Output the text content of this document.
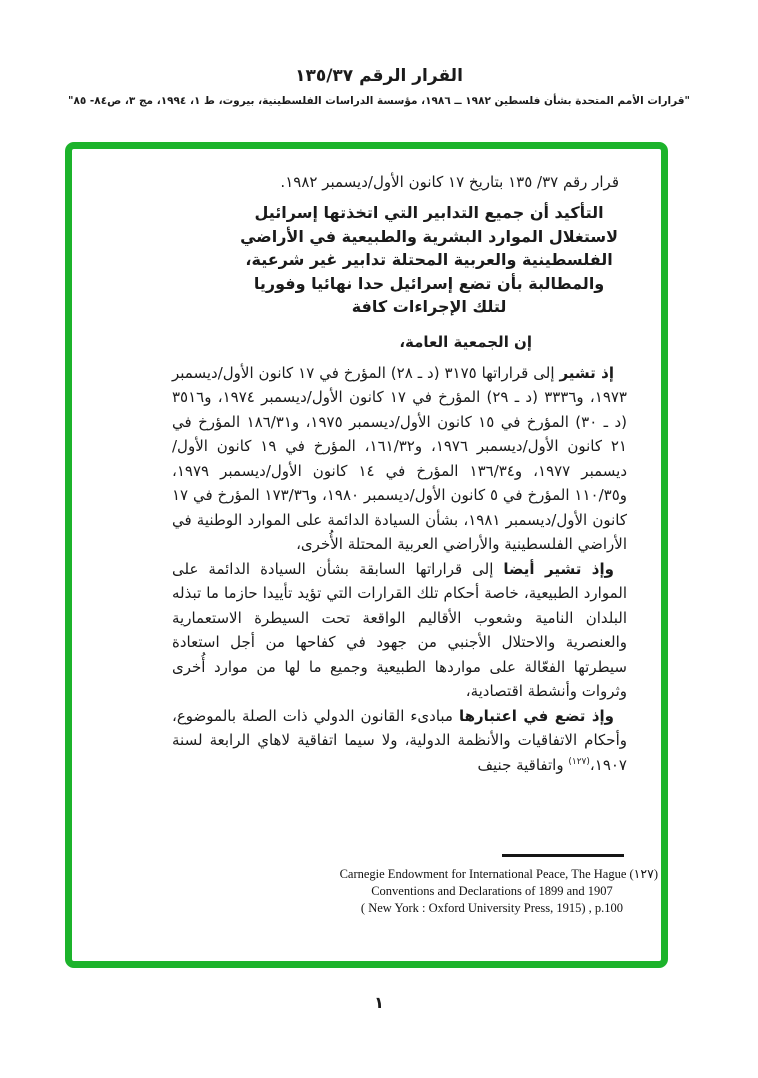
القرار الرقم ١٣٥/٣٧
"قرارات الأمم المتحدة بشأن فلسطين ١٩٨٢ ــ ١٩٨٦، مؤسسة الدراسات الفلسطينية، بيروت، ط ١، ١٩٩٤، مج ٣، ص٨٤- ٨٥"

قرار رقم ٣٧/ ١٣٥ بتاريخ ١٧ كانون الأول/ديسمبر ١٩٨٢.

التأكيد أن جميع التدابير التي اتخذتها إسرائيل
لاستغلال الموارد البشرية والطبيعية في الأراضي
الفلسطينية والعربية المحتلة تدابير غير شرعية،
والمطالبة بأن تضع إسرائيل حدا نهائيا وفوريا
لتلك الإجراءات كافة

إن الجمعية العامة،

إذ تشير إلى قراراتها ٣١٧٥ (د ـ ٢٨) المؤرخ في ١٧ كانون الأول/ديسمبر ١٩٧٣، و٣٣٣٦ (د ـ ٢٩) المؤرخ في ١٧ كانون الأول/ديسمبر ١٩٧٤، و٣٥١٦ (د ـ ٣٠) المؤرخ في ١٥ كانون الأول/ديسمبر ١٩٧٥، و١٨٦/٣١ المؤرخ في ٢١ كانون الأول/ديسمبر ١٩٧٦، و١٦١/٣٢، المؤرخ في ١٩ كانون الأول/ديسمبر ١٩٧٧، و١٣٦/٣٤ المؤرخ في ١٤ كانون الأول/ديسمبر ١٩٧٩، و١١٠/٣٥ المؤرخ في ٥ كانون الأول/ديسمبر ١٩٨٠، و١٧٣/٣٦ المؤرخ في ١٧ كانون الأول/ديسمبر ١٩٨١، بشأن السيادة الدائمة على الموارد الوطنية في الأراضي الفلسطينية والأراضي العربية المحتلة الأُخرى،

وإذ تشير أيضا إلى قراراتها السابقة بشأن السيادة الدائمة على الموارد الطبيعية، خاصة أحكام تلك القرارات التي تؤيد تأييدا حازما ما تبذله البلدان النامية وشعوب الأقاليم الواقعة تحت السيطرة الاستعمارية والعنصرية والاحتلال الأجنبي من جهود في كفاحها من أجل استعادة سيطرتها الفعّالة على مواردها الطبيعية وجميع ما لها من موارد أُخرى وثروات وأنشطة اقتصادية،

وإذ تضع في اعتبارها مبادىء القانون الدولي ذات الصلة بالموضوع، وأحكام الاتفاقيات والأنظمة الدولية، ولا سيما اتفاقية لاهاي الرابعة لسنة ١٩٠٧،$^{(١٢٧)}$ واتفاقية جنيف

(١٢٧) Carnegie Endowment for International Peace, The Hague
Conventions and Declarations of 1899 and 1907
( New York : Oxford University Press, 1915) , p.100
١
